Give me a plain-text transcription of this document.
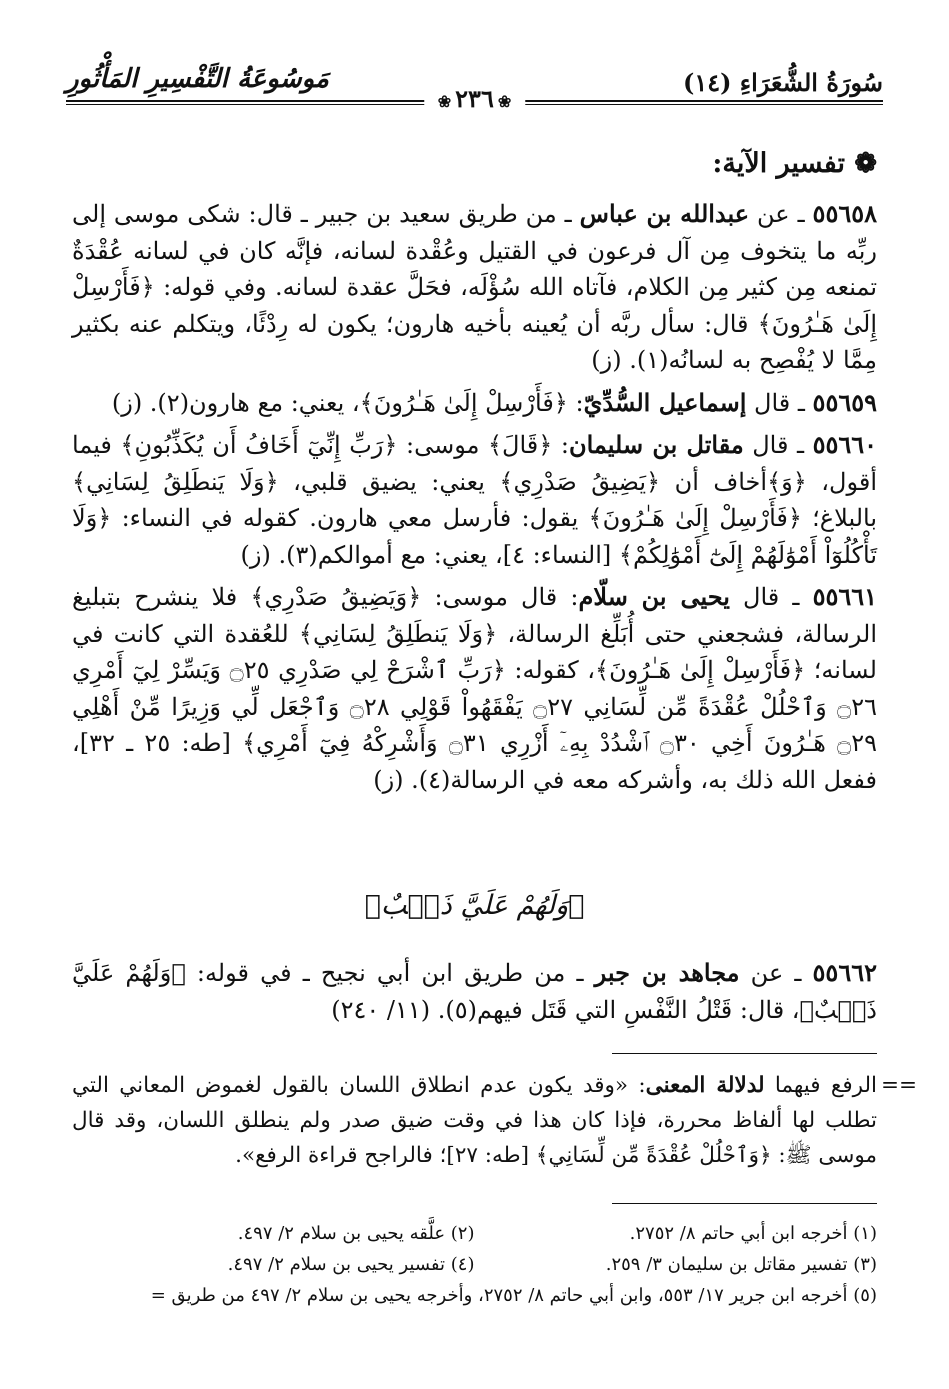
سُورَةُ الشُّعَرَاءِ (١٤)
مَوسُوعَةُ التَّفْسِيرِ المَأْثُورِ
❀٢٣٦❀
❁ تفسير الآية:

٥٥٦٥٨ ـ عن عبدالله بن عباس ـ من طريق سعيد بن جبير ـ قال: شكى موسى إلى ربِّه ما يتخوف مِن آل فرعون في القتيل وعُقْدة لسانه، فإنَّه كان في لسانه عُقْدَةٌ تمنعه مِن كثير مِن الكلام، فآتاه الله سُؤْلَه، فحَلَّ عقدة لسانه. وفي قوله: ﴿فَأَرْسِلْ إِلَىٰ هَـٰرُونَ﴾ قال: سأل ربَّه أن يُعينه بأخيه هارون؛ يكون له رِدْئًا، ويتكلم عنه بكثير مِمَّا لا يُفْصِح به لسانُه(١). (ز)

٥٥٦٥٩ ـ قال إسماعيل السُّدِّيّ: ﴿فَأَرْسِلْ إِلَىٰ هَـٰرُونَ﴾، يعني: مع هارون(٢). (ز)

٥٥٦٦٠ ـ قال مقاتل بن سليمان: ﴿قَالَ﴾ موسى: ﴿رَبِّ إِنِّيٓ أَخَافُ أَن يُكَذِّبُونِ﴾ فيما أقول، ﴿وَ﴾أخاف أن ﴿يَضِيقُ صَدْرِي﴾ يعني: يضيق قلبي، ﴿وَلَا يَنطَلِقُ لِسَانِي﴾ بالبلاغ؛ ﴿فَأَرْسِلْ إِلَىٰ هَـٰرُونَ﴾ يقول: فأرسل معي هارون. كقوله في النساء: ﴿وَلَا تَأْكُلُوٓاْ أَمْوَٰلَهُمْ إِلَىٰٓ أَمْوَٰلِكُمْ﴾ [النساء: ٤]، يعني: مع أموالكم(٣). (ز)

٥٥٦٦١ ـ قال يحيى بن سلّام: قال موسى: ﴿وَيَضِيقُ صَدْرِي﴾ فلا ينشرح بتبليغ الرسالة، فشجعني حتى أُبَلِّغ الرسالة، ﴿وَلَا يَنطَلِقُ لِسَانِي﴾ للعُقدة التي كانت في لسانه؛ ﴿فَأَرْسِلْ إِلَىٰ هَـٰرُونَ﴾، كقوله: ﴿رَبِّ ٱشْرَحْ لِي صَدْرِي ۝٢٥ وَيَسِّرْ لِيٓ أَمْرِي ۝٢٦ وَٱحْلُلْ عُقْدَةً مِّن لِّسَانِي ۝٢٧ يَفْقَهُواْ قَوْلِي ۝٢٨ وَٱجْعَل لِّي وَزِيرًا مِّنْ أَهْلِي ۝٢٩ هَـٰرُونَ أَخِي ۝٣٠ ٱشْدُدْ بِهِۦٓ أَزْرِي ۝٣١ وَأَشْرِكْهُ فِيٓ أَمْرِي﴾ [طه: ٢٥ ـ ٣٢]، ففعل الله ذلك به، وأشركه معه في الرسالة(٤). (ز)

﴿وَلَهُمْ عَلَيَّ ذَنۢبٌ﴾

٥٥٦٦٢ ـ عن مجاهد بن جبر ـ من طريق ابن أبي نجيح ـ في قوله: ﴿وَلَهُمْ عَلَيَّ ذَنۢبٌ﴾، قال: قَتْلُ النَّفْسِ التي قَتَل فيهم(٥). (١١/ ٢٤٠)

==
الرفع فيهما لدلالة المعنى: «وقد يكون عدم انطلاق اللسان بالقول لغموض المعاني التي تطلب لها ألفاظ محررة، فإذا كان هذا في وقت ضيق صدر ولم ينطلق اللسان، وقد قال موسى ﷺ: ﴿وَٱحْلُلْ عُقْدَةً مِّن لِّسَانِي﴾ [طه: ٢٧]؛ فالراجح قراءة الرفع».
(١) أخرجه ابن أبي حاتم ٨/ ٢٧٥٢.
(٢) علَّقه يحيى بن سلام ٢/ ٤٩٧.
(٣) تفسير مقاتل بن سليمان ٣/ ٢٥٩.
(٤) تفسير يحيى بن سلام ٢/ ٤٩٧.
(٥) أخرجه ابن جرير ١٧/ ٥٥٣، وابن أبي حاتم ٨/ ٢٧٥٢، وأخرجه يحيى بن سلام ٢/ ٤٩٧ من طريق =
